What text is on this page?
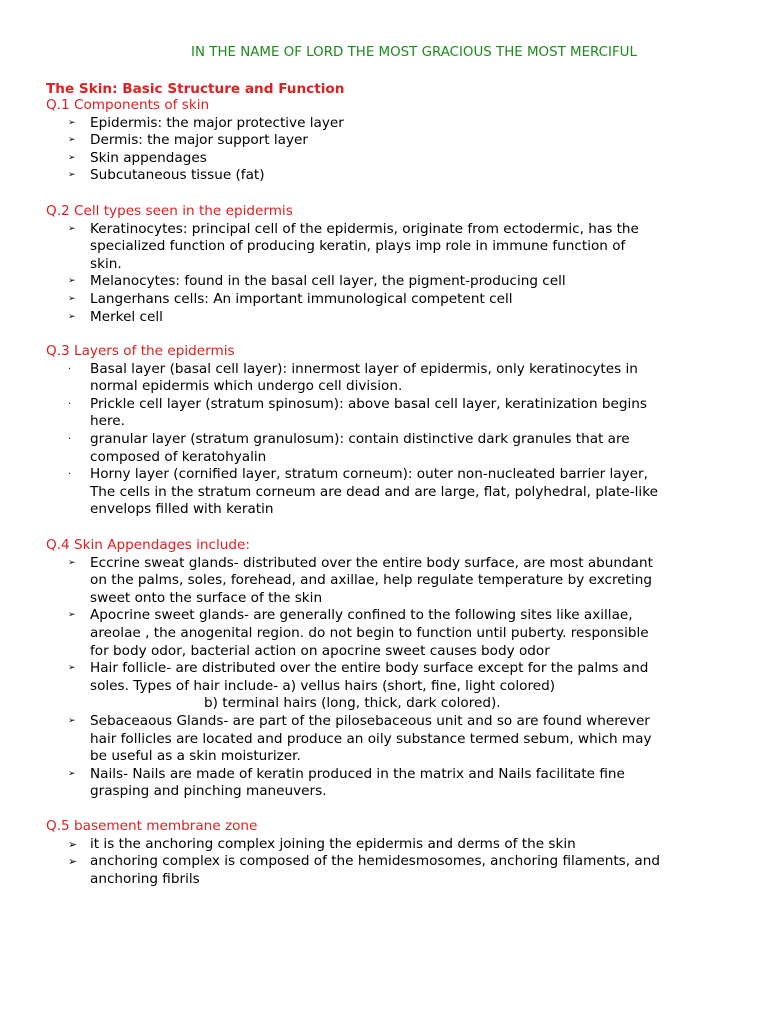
IN THE NAME OF LORD THE MOST GRACIOUS THE MOST MERCIFUL
The Skin: Basic Structure and Function
Q.1 Components of skin
➢	Epidermis: the major protective layer
➢	Dermis: the major support layer
➢	Skin appendages
➢	Subcutaneous tissue (fat)
Q.2 Cell types seen in the epidermis
➢	Keratinocytes: principal cell of the epidermis, originate from ectodermic, has the
specialized function of producing keratin, plays imp role in immune function of
skin.
➢	Melanocytes: found in the basal cell layer, the pigment-producing cell
➢	Langerhans cells: An important immunological competent cell
➢	Merkel cell
Q.3 Layers of the epidermis
·	Basal layer (basal cell layer): innermost layer of epidermis, only keratinocytes in
normal epidermis which undergo cell division.
·	Prickle cell layer (stratum spinosum): above basal cell layer, keratinization begins
here.
·	granular layer (stratum granulosum): contain distinctive dark granules that are
composed of keratohyalin
·	Horny layer (cornified layer, stratum corneum): outer non-nucleated barrier layer,
The cells in the stratum corneum are dead and are large, flat, polyhedral, plate-like
envelops filled with keratin
Q.4 Skin Appendages include:
➢	Eccrine sweat glands- distributed over the entire body surface, are most abundant
on the palms, soles, forehead, and axillae, help regulate temperature by excreting
sweet onto the surface of the skin
➢	Apocrine sweet glands- are generally confined to the following sites like axillae,
areolae , the anogenital region. do not begin to function until puberty. responsible
for body odor, bacterial action on apocrine sweet causes body odor
➢	Hair follicle- are distributed over the entire body surface except for the palms and
soles. Types of hair include- a) vellus hairs (short, fine, light colored)
b) terminal hairs (long, thick, dark colored).
➢	Sebaceaous Glands- are part of the pilosebaceous unit and so are found wherever
hair follicles are located and produce an oily substance termed sebum, which may
be useful as a skin moisturizer.
➢	Nails- Nails are made of keratin produced in the matrix and Nails facilitate fine
grasping and pinching maneuvers.
Q.5 basement membrane zone
➢ it is the anchoring complex joining the epidermis and derms of the skin
➢ anchoring complex is composed of the hemidesmosomes, anchoring filaments, and
anchoring fibrils
